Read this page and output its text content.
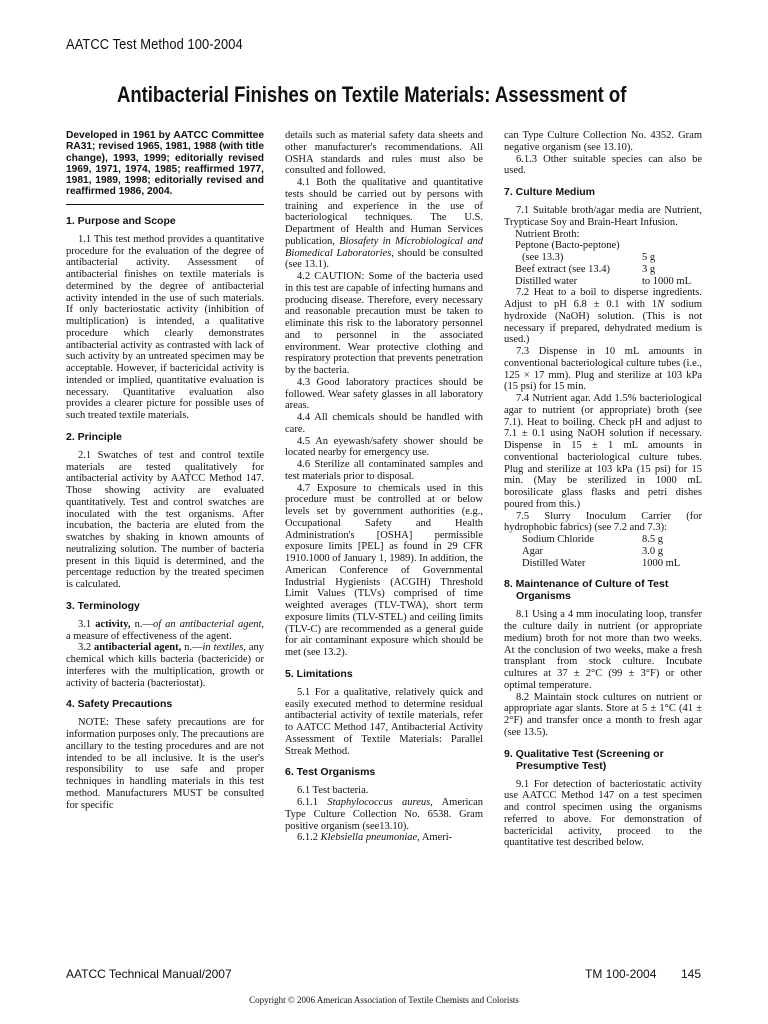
AATCC Test Method 100-2004
Antibacterial Finishes on Textile Materials: Assessment of
Developed in 1961 by AATCC Committee RA31; revised 1965, 1981, 1988 (with title change), 1993, 1999; editorially revised 1969, 1971, 1974, 1985; reaffirmed 1977, 1981, 1989, 1998; editorially revised and reaffirmed 1986, 2004.
1. Purpose and Scope

1.1 This test method provides a quantitative procedure for the evaluation of the degree of antibacterial activity. Assessment of antibacterial finishes on textile materials is determined by the degree of antibacterial activity intended in the use of such materials. If only bacteriostatic activity (inhibition of multiplication) is intended, a qualitative procedure which clearly demonstrates antibacterial activity as contrasted with lack of such activity by an untreated specimen may be acceptable. However, if bactericidal activity is intended or implied, quantitative evaluation is necessary. Quantitative evaluation also provides a clearer picture for possible uses of such treated textile materials.

2. Principle

2.1 Swatches of test and control textile materials are tested qualitatively for antibacterial activity by AATCC Method 147. Those showing activity are evaluated quantitatively. Test and control swatches are inoculated with the test organisms. After incubation, the bacteria are eluted from the swatches by shaking in known amounts of neutralizing solution. The number of bacteria present in this liquid is determined, and the percentage reduction by the treated specimen is calculated.

3. Terminology

3.1 activity, n.—of an antibacterial agent, a measure of effectiveness of the agent.

3.2 antibacterial agent, n.—in textiles, any chemical which kills bacteria (bactericide) or interferes with the multiplication, growth or activity of bacteria (bacteriostat).

4. Safety Precautions

NOTE: These safety precautions are for information purposes only. The precautions are ancillary to the testing procedures and are not intended to be all inclusive. It is the user's responsibility to use safe and proper techniques in handling materials in this test method. Manufacturers MUST be consulted for specific

details such as material safety data sheets and other manufacturer's recommendations. All OSHA standards and rules must also be consulted and followed.

4.1 Both the qualitative and quantitative tests should be carried out by persons with training and experience in the use of bacteriological techniques. The U.S. Department of Health and Human Services publication, Biosafety in Microbiological and Biomedical Laboratories, should be consulted (see 13.1).

4.2 CAUTION: Some of the bacteria used in this test are capable of infecting humans and producing disease. Therefore, every necessary and reasonable precaution must be taken to eliminate this risk to the laboratory personnel and to personnel in the associated environment. Wear protective clothing and respiratory protection that prevents penetration by the bacteria.

4.3 Good laboratory practices should be followed. Wear safety glasses in all laboratory areas.

4.4 All chemicals should be handled with care.

4.5 An eyewash/safety shower should be located nearby for emergency use.

4.6 Sterilize all contaminated samples and test materials prior to disposal.

4.7 Exposure to chemicals used in this procedure must be controlled at or below levels set by government authorities (e.g., Occupational Safety and Health Administration's [OSHA] permissible exposure limits [PEL] as found in 29 CFR 1910.1000 of January 1, 1989). In addition, the American Conference of Governmental Industrial Hygienists (ACGIH) Threshold Limit Values (TLVs) comprised of time weighted averages (TLV-TWA), short term exposure limits (TLV-STEL) and ceiling limits (TLV-C) are recommended as a general guide for air contaminant exposure which should be met (see 13.2).

5. Limitations

5.1 For a qualitative, relatively quick and easily executed method to determine residual antibacterial activity of textile materials, refer to AATCC Method 147, Antibacterial Activity Assessment of Textile Materials: Parallel Streak Method.

6. Test Organisms

6.1 Test bacteria.

6.1.1 Staphylococcus aureus, American Type Culture Collection No. 6538. Gram positive organism (see13.10).

6.1.2 Klebsiella pneumoniae, Ameri-

can Type Culture Collection No. 4352. Gram negative organism (see 13.10).

6.1.3 Other suitable species can also be used.

7. Culture Medium

7.1 Suitable broth/agar media are Nutrient, Trypticase Soy and Brain-Heart Infusion.

Nutrient Broth:
Peptone (Bacto-peptone)
(see 13.3)	5 g
Beef extract (see 13.4)	3 g
Distilled water	to 1000 mL

7.2 Heat to a boil to disperse ingredients. Adjust to pH 6.8 ± 0.1 with 1N sodium hydroxide (NaOH) solution. (This is not necessary if prepared, dehydrated medium is used.)

7.3 Dispense in 10 mL amounts in conventional bacteriological culture tubes (i.e., 125 × 17 mm). Plug and sterilize at 103 kPa (15 psi) for 15 min.

7.4 Nutrient agar. Add 1.5% bacteriological agar to nutrient (or appropriate) broth (see 7.1). Heat to boiling. Check pH and adjust to 7.1 ± 0.1 using NaOH solution if necessary. Dispense in 15 ± 1 mL amounts in conventional bacteriological culture tubes. Plug and sterilize at 103 kPa (15 psi) for 15 min. (May be sterilized in 1000 mL borosilicate glass flasks and petri dishes poured from this.)

7.5 Slurry Inoculum Carrier (for hydrophobic fabrics) (see 7.2 and 7.3):

Sodium Chloride	8.5 g
Agar	3.0 g
Distilled Water	1000 mL
8. Maintenance of Culture of Test
Organisms

8.1 Using a 4 mm inoculating loop, transfer the culture daily in nutrient (or appropriate medium) broth for not more than two weeks. At the conclusion of two weeks, make a fresh transplant from stock culture. Incubate cultures at 37 ± 2°C (99 ± 3°F) or other optimal temperature.

8.2 Maintain stock cultures on nutrient or appropriate agar slants. Store at 5 ± 1°C (41 ± 2°F) and transfer once a month to fresh agar (see 13.5).

9. Qualitative Test (Screening or
Presumptive Test)

9.1 For detection of bacteriostatic activity use AATCC Method 147 on a test specimen and control specimen using the organisms referred to above. For demonstration of bactericidal activity, proceed to the quantitative test described below.

AATCC Technical Manual/2007	TM 100-2004 145
Copyright © 2006 American Association of Textile Chemists and Colorists
